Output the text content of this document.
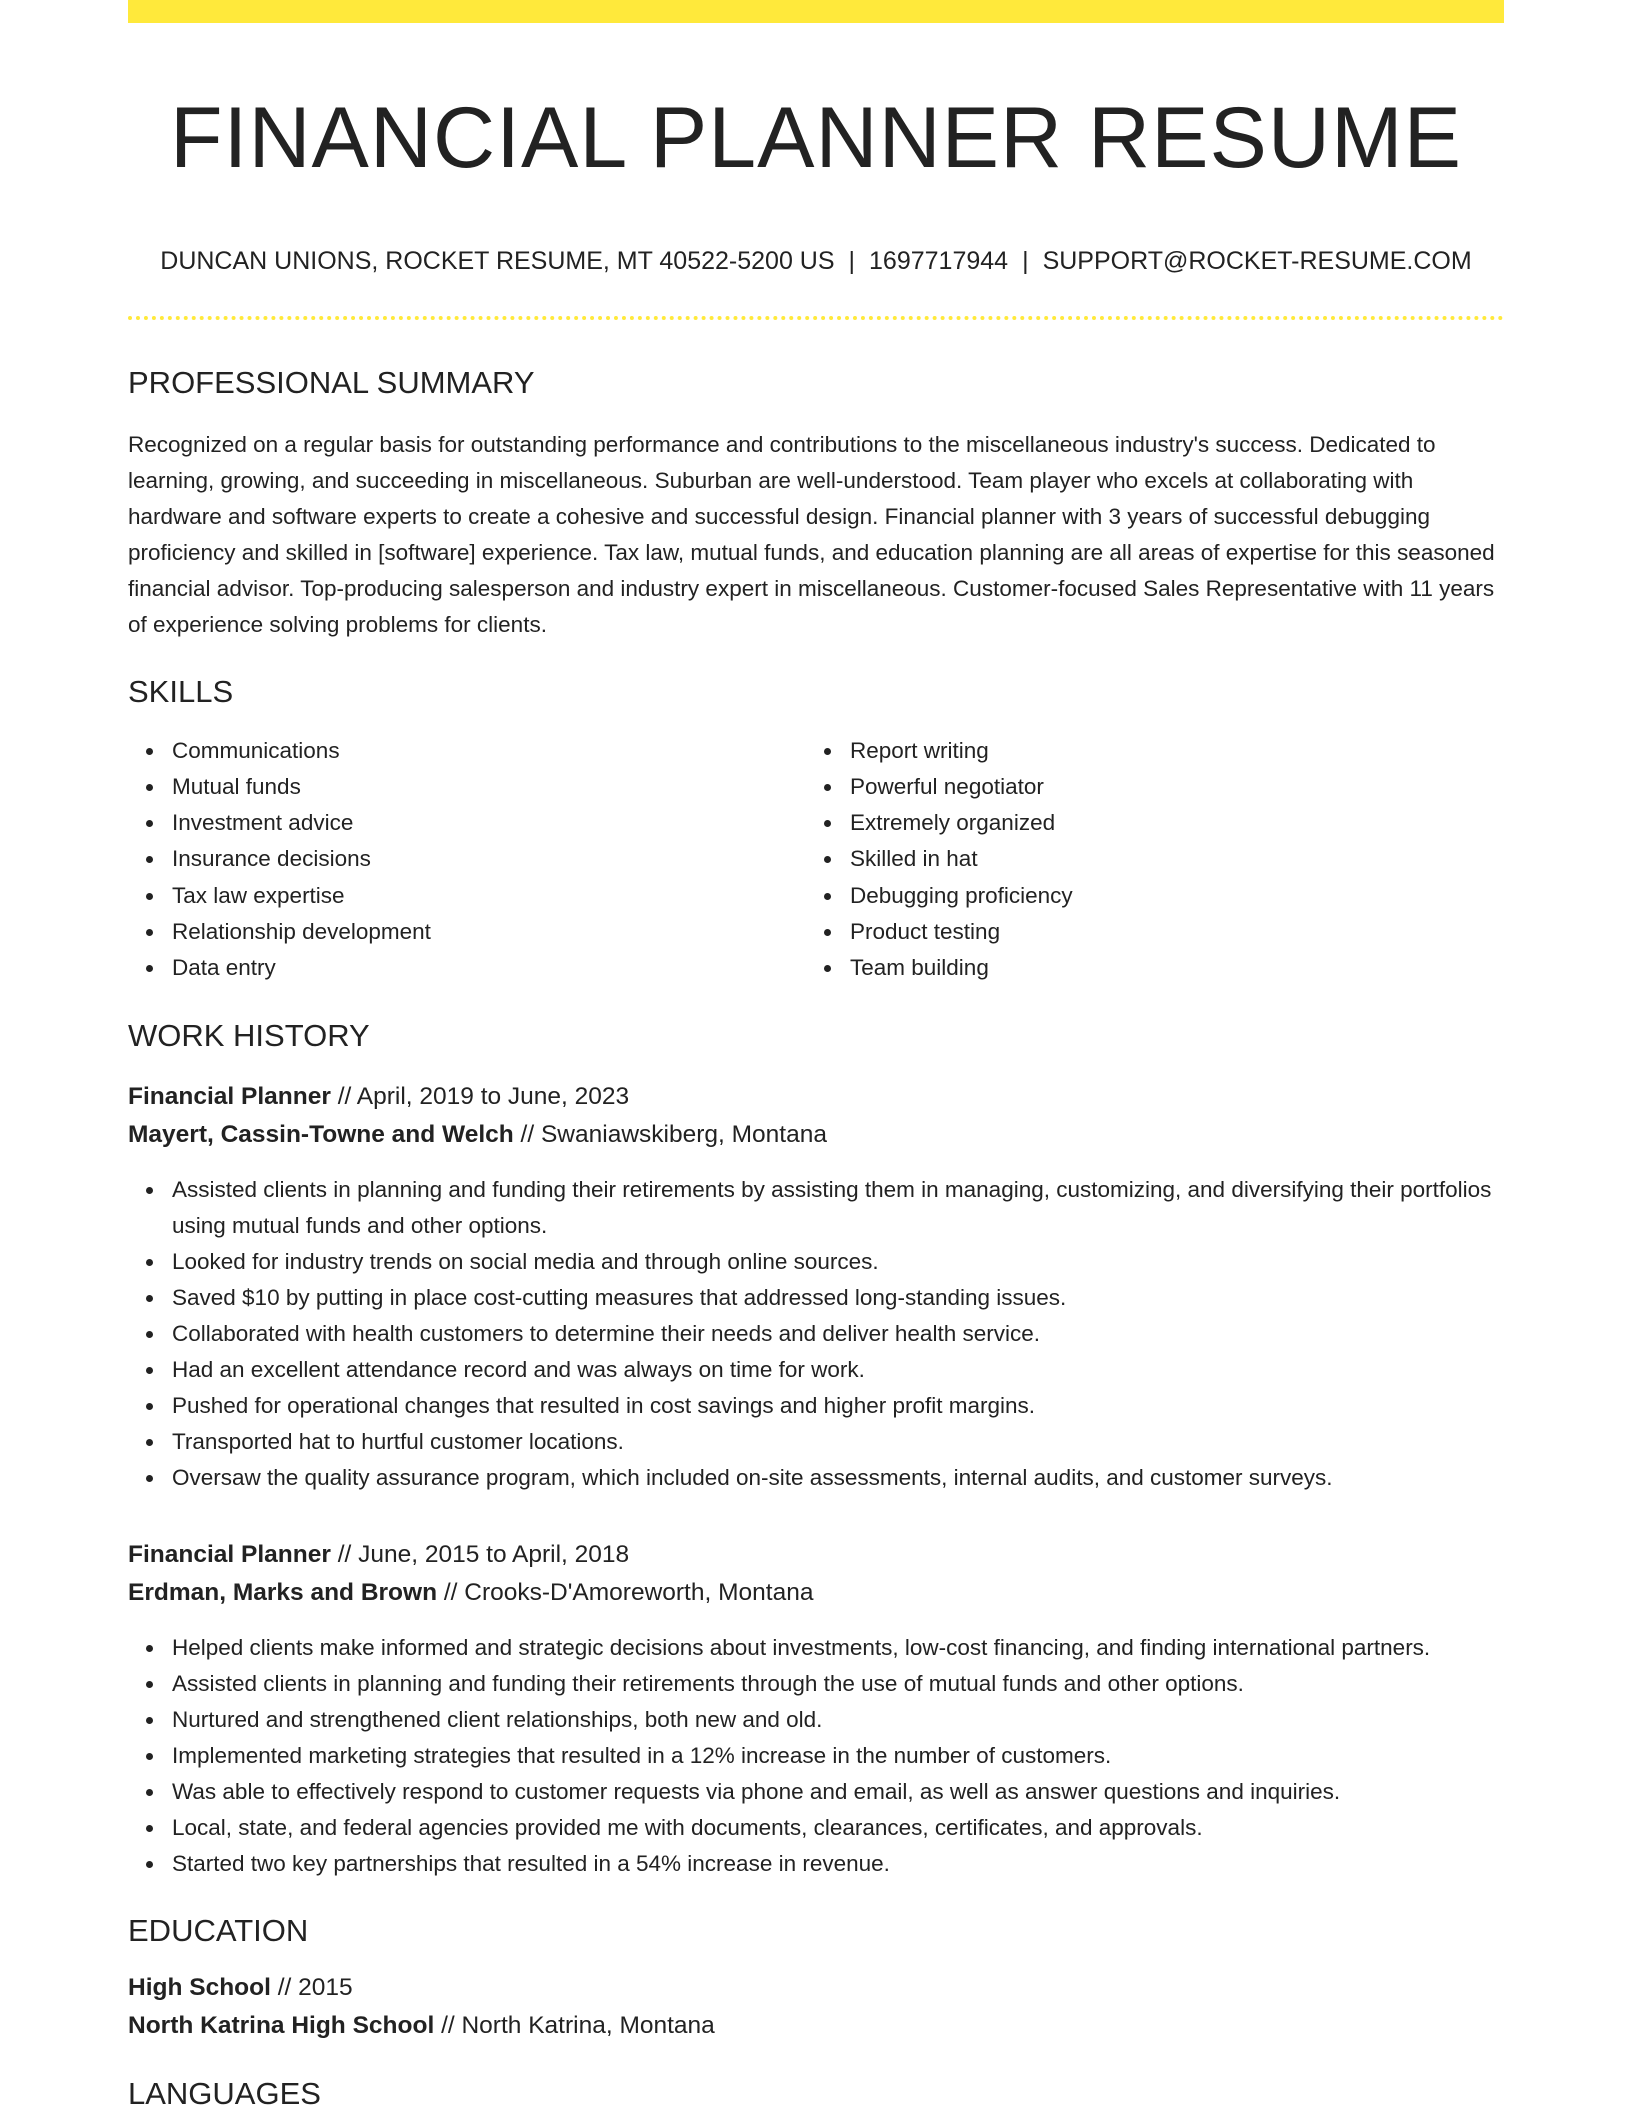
FINANCIAL PLANNER RESUME
DUNCAN UNIONS, ROCKET RESUME, MT 40522-5200 US | 1697717944 | SUPPORT@ROCKET-RESUME.COM
PROFESSIONAL SUMMARY

Recognized on a regular basis for outstanding performance and contributions to the miscellaneous industry's success. Dedicated to learning, growing, and succeeding in miscellaneous. Suburban are well-understood. Team player who excels at collaborating with hardware and software experts to create a cohesive and successful design. Financial planner with 3 years of successful debugging proficiency and skilled in [software] experience. Tax law, mutual funds, and education planning are all areas of expertise for this seasoned financial advisor. Top-producing salesperson and industry expert in miscellaneous. Customer-focused Sales Representative with 11 years of experience solving problems for clients.

SKILLS
Communications
Mutual funds
Investment advice
Insurance decisions
Tax law expertise
Relationship development
Data entry
Report writing
Powerful negotiator
Extremely organized
Skilled in hat
Debugging proficiency
Product testing
Team building
WORK HISTORY
Financial Planner // April, 2019 to June, 2023
Mayert, Cassin-Towne and Welch // Swaniawskiberg, Montana
Assisted clients in planning and funding their retirements by assisting them in managing, customizing, and diversifying their portfolios using mutual funds and other options.
Looked for industry trends on social media and through online sources.
Saved $10 by putting in place cost-cutting measures that addressed long-standing issues.
Collaborated with health customers to determine their needs and deliver health service.
Had an excellent attendance record and was always on time for work.
Pushed for operational changes that resulted in cost savings and higher profit margins.
Transported hat to hurtful customer locations.
Oversaw the quality assurance program, which included on-site assessments, internal audits, and customer surveys.
Financial Planner // June, 2015 to April, 2018
Erdman, Marks and Brown // Crooks-D'Amoreworth, Montana
Helped clients make informed and strategic decisions about investments, low-cost financing, and finding international partners.
Assisted clients in planning and funding their retirements through the use of mutual funds and other options.
Nurtured and strengthened client relationships, both new and old.
Implemented marketing strategies that resulted in a 12% increase in the number of customers.
Was able to effectively respond to customer requests via phone and email, as well as answer questions and inquiries.
Local, state, and federal agencies provided me with documents, clearances, certificates, and approvals.
Started two key partnerships that resulted in a 54% increase in revenue.
EDUCATION
High School // 2015
North Katrina High School // North Katrina, Montana
LANGUAGES
